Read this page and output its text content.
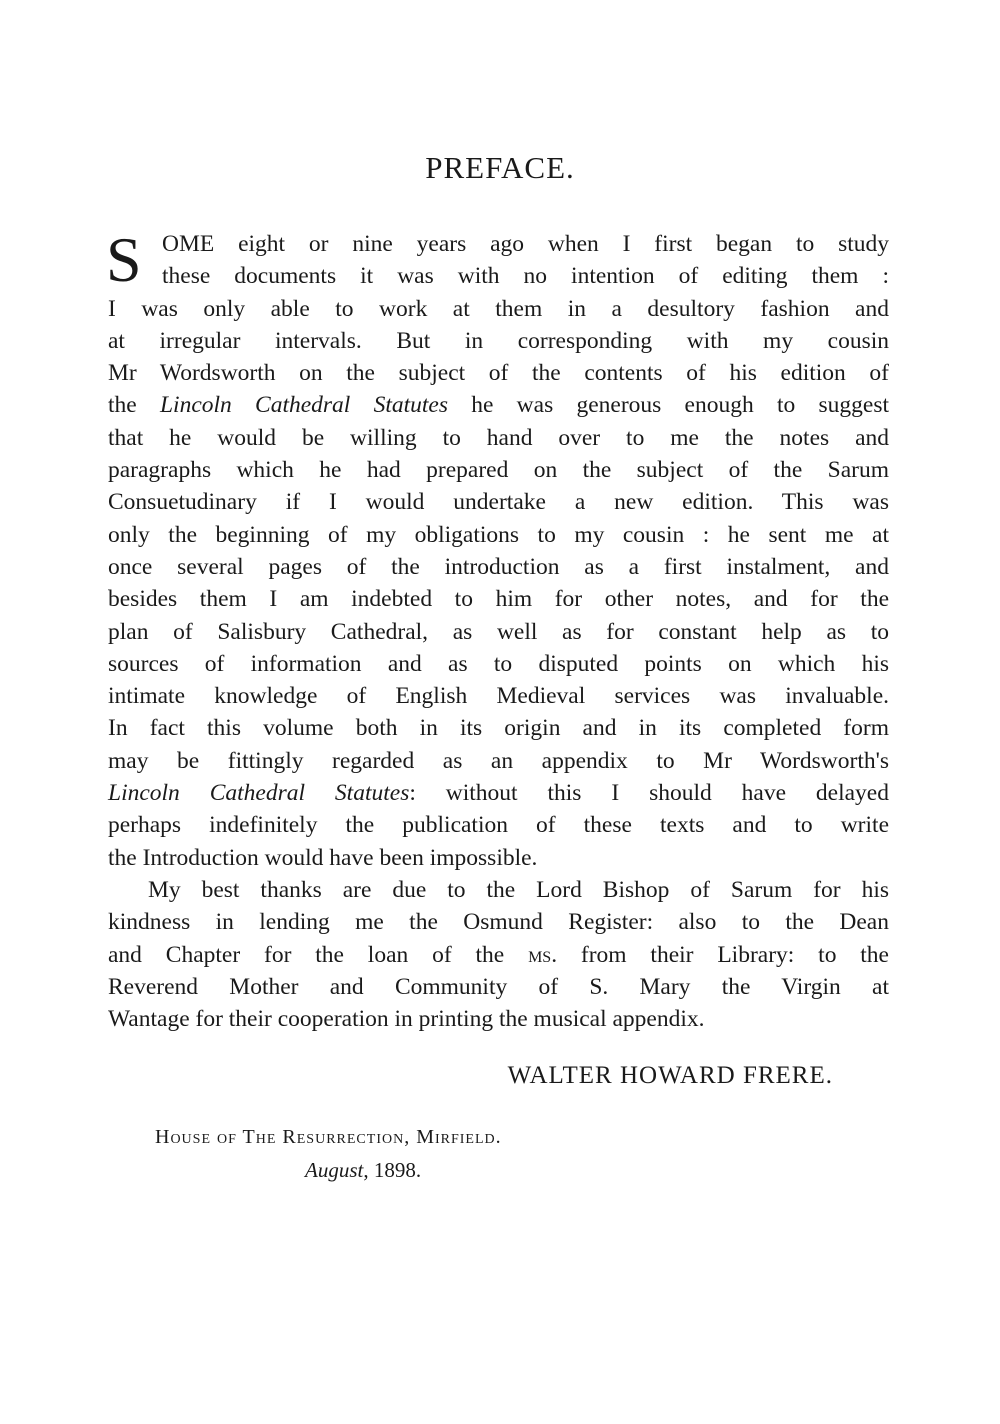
PREFACE.
S OME eight or nine years ago when I first began to study
these documents it was with no intention of editing them :
I was only able to work at them in a desultory fashion and
at irregular intervals. But in corresponding with my cousin
Mr Wordsworth on the subject of the contents of his edition of
the Lincoln Cathedral Statutes he was generous enough to suggest
that he would be willing to hand over to me the notes and
paragraphs which he had prepared on the subject of the Sarum
Consuetudinary if I would undertake a new edition. This was
only the beginning of my obligations to my cousin : he sent me at
once several pages of the introduction as a first instalment, and
besides them I am indebted to him for other notes, and for the
plan of Salisbury Cathedral, as well as for constant help as to
sources of information and as to disputed points on which his
intimate knowledge of English Medieval services was invaluable.
In fact this volume both in its origin and in its completed form
may be fittingly regarded as an appendix to Mr Wordsworth's
Lincoln Cathedral Statutes: without this I should have delayed
perhaps indefinitely the publication of these texts and to write
the Introduction would have been impossible.
My best thanks are due to the Lord Bishop of Sarum for his
kindness in lending me the Osmund Register: also to the Dean
and Chapter for the loan of the ms. from their Library: to the
Reverend Mother and Community of S. Mary the Virgin at
Wantage for their cooperation in printing the musical appendix.
WALTER HOWARD FRERE.
House of The Resurrection, Mirfield.
August, 1898.
